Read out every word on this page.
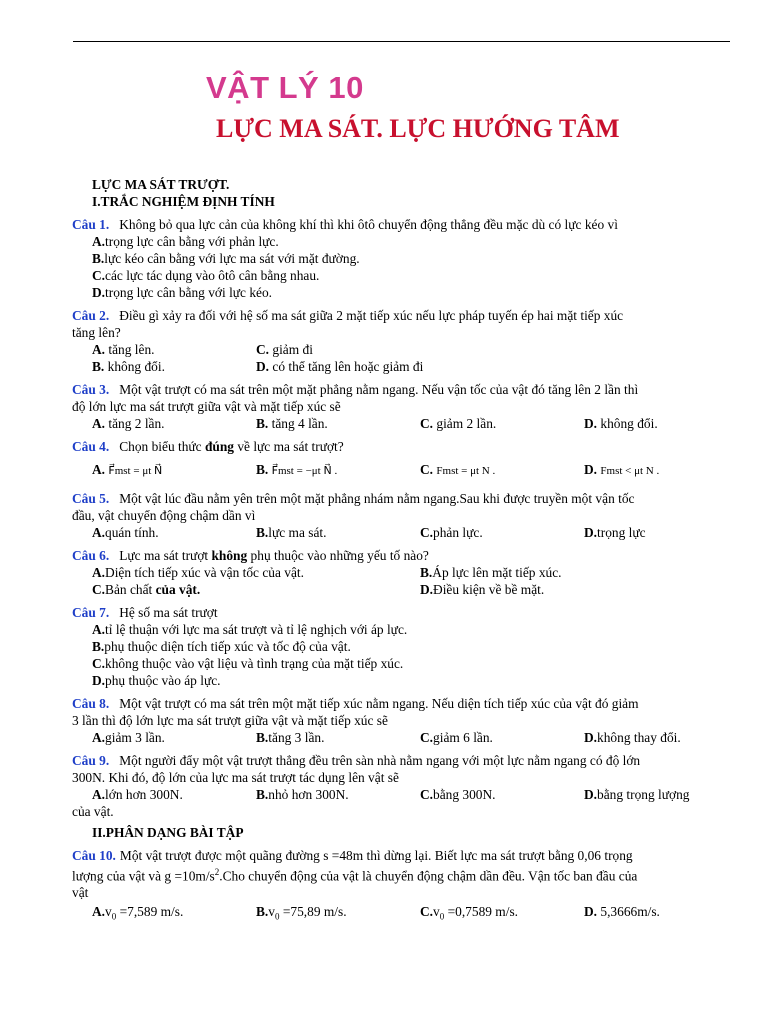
VẬT LÝ 10
LỰC MA SÁT. LỰC HƯỚNG TÂM
LỰC MA SÁT TRƯỢT.
I.TRẮC NGHIỆM ĐỊNH TÍNH
Câu 1. Không bỏ qua lực cản của không khí thì khi ôtô chuyển động thẳng đều mặc dù có lực kéo vì
A.trọng lực cân bằng với phản lực.
B.lực kéo cân bằng với lực ma sát với mặt đường.
C.các lực tác dụng vào ôtô cân bằng nhau.
D.trọng lực cân bằng với lực kéo.
Câu 2. Điều gì xảy ra đối với hệ số ma sát giữa 2 mặt tiếp xúc nếu lực pháp tuyến ép hai mặt tiếp xúc
tăng lên?
A. tăng lên.	C. giảm đi
B. không đổi.	D. có thể tăng lên hoặc giảm đi
Câu 3. Một vật trượt có ma sát trên một mặt phẳng nằm ngang. Nếu vận tốc của vật đó tăng lên 2 lần thì
độ lớn lực ma sát trượt giữa vật và mặt tiếp xúc sẽ
A. tăng 2 lần.	B. tăng 4 lần.	C. giảm 2 lần.	D. không đổi.
Câu 4. Chọn biểu thức đúng về lực ma sát trượt?
A. F⃗mst = μt N⃗	B. F⃗mst = −μt N⃗ .	C. Fmst = μt N .	D. Fmst < μt N .
Câu 5. Một vật lúc đầu nằm yên trên một mặt phẳng nhám nằm ngang.Sau khi được truyền một vận tốc
đầu, vật chuyển động chậm dần vì
A.quán tính.	B.lực ma sát.	C.phản lực.	D.trọng lực
Câu 6. Lực ma sát trượt không phụ thuộc vào những yếu tố nào?
A.Diện tích tiếp xúc và vận tốc của vật.	B.Áp lực lên mặt tiếp xúc.
C.Bản chất của vật.	D.Điều kiện về bề mặt.
Câu 7. Hệ số ma sát trượt
A.tỉ lệ thuận với lực ma sát trượt và tỉ lệ nghịch với áp lực.
B.phụ thuộc diện tích tiếp xúc và tốc độ của vật.
C.không thuộc vào vật liệu và tình trạng của mặt tiếp xúc.
D.phụ thuộc vào áp lực.
Câu 8. Một vật trượt có ma sát trên một mặt tiếp xúc nằm ngang. Nếu diện tích tiếp xúc của vật đó giảm
3 lần thì độ lớn lực ma sát trượt giữa vật và mặt tiếp xúc sẽ
A.giảm 3 lần.	B.tăng 3 lần.	C.giảm 6 lần.	D.không thay đổi.
Câu 9. Một người đẩy một vật trượt thẳng đều trên sàn nhà nằm ngang với một lực nằm ngang có độ lớn
300N. Khi đó, độ lớn của lực ma sát trượt tác dụng lên vật sẽ
A.lớn hơn 300N.	B.nhỏ hơn 300N.	C.bằng 300N.	D.bằng trọng lượng
của vật.
II.PHÂN DẠNG BÀI TẬP
Câu 10. Một vật trượt được một quãng đường s =48m thì dừng lại. Biết lực ma sát trượt bằng 0,06 trọng
lượng của vật và $g =10m/s^2.Cho$ chuyển động của vật là chuyển động chậm dần đều. Vận tốc ban đầu của
vật
$A.v_0 =7,589$ m/s.	$B.v_0 =75,89$ m/s.	$C.v_0 =0,7589$ m/s.	D. 5,3666m/s.
